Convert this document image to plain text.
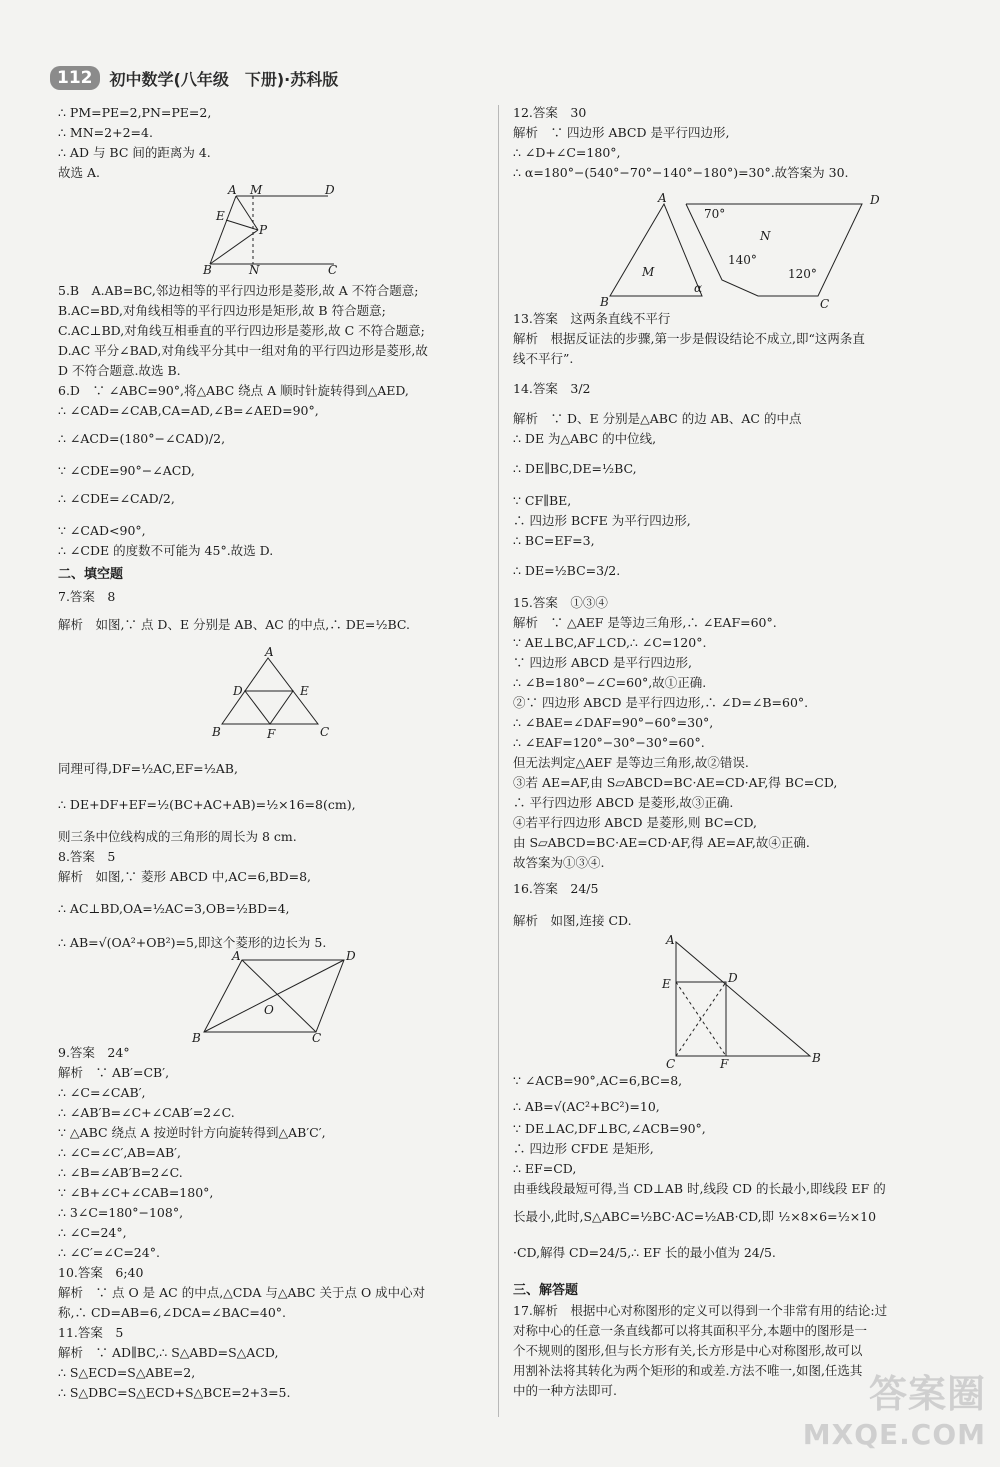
112	初中数学(八年级　下册)·苏科版
∴ PM=PE=2,PN=PE=2,
∴ MN=2+2=4.
∴ AD 与 BC 间的距离为 4.
故选 A.
5.B　A.AB=BC,邻边相等的平行四边形是菱形,故 A 不符合题意;
B.AC=BD,对角线相等的平行四边形是矩形,故 B 符合题意;
C.AC⊥BD,对角线互相垂直的平行四边形是菱形,故 C 不符合题意;
D.AC 平分∠BAD,对角线平分其中一组对角的平行四边形是菱形,故
D 不符合题意.故选 B.
6.D　∵ ∠ABC=90°,将△ABC 绕点 A 顺时针旋转得到△AED,
∴ ∠CAD=∠CAB,CA=AD,∠B=∠AED=90°,
∴ ∠ACD=(180°−∠CAD)/2,
∵ ∠CDE=90°−∠ACD,
∴ ∠CDE=∠CAD/2,
∵ ∠CAD<90°,
∴ ∠CDE 的度数不可能为 45°.故选 D.
二、填空题
7.答案　8
解析　如图,∵ 点 D、E 分别是 AB、AC 的中点,∴ DE=½BC.
同理可得,DF=½AC,EF=½AB,
∴ DE+DF+EF=½(BC+AC+AB)=½×16=8(cm),
则三条中位线构成的三角形的周长为 8 cm.
8.答案　5
解析　如图,∵ 菱形 ABCD 中,AC=6,BD=8,
∴ AC⊥BD,OA=½AC=3,OB=½BD=4,
∴ AB=√(OA²+OB²)=5,即这个菱形的边长为 5.
9.答案　24°
解析　∵ AB′=CB′,
∴ ∠C=∠CAB′,
∴ ∠AB′B=∠C+∠CAB′=2∠C.
∵ △ABC 绕点 A 按逆时针方向旋转得到△AB′C′,
∴ ∠C=∠C′,AB=AB′,
∴ ∠B=∠AB′B=2∠C.
∵ ∠B+∠C+∠CAB=180°,
∴ 3∠C=180°−108°,
∴ ∠C=24°,
∴ ∠C′=∠C=24°.
10.答案　6;40
解析　∵ 点 O 是 AC 的中点,△CDA 与△ABC 关于点 O 成中心对
称,∴ CD=AB=6,∠DCA=∠BAC=40°.
11.答案　5
解析　∵ AD∥BC,∴ S△ABD=S△ACD,
∴ S△ECD=S△ABE=2,
∴ S△DBC=S△ECD+S△BCE=2+3=5.
12.答案　30
解析　∵ 四边形 ABCD 是平行四边形,
∴ ∠D+∠C=180°,
∴ α=180°−(540°−70°−140°−180°)=30°.故答案为 30.
13.答案　这两条直线不平行
解析　根据反证法的步骤,第一步是假设结论不成立,即“这两条直
线不平行”.
14.答案　3/2
解析　∵ D、E 分别是△ABC 的边 AB、AC 的中点
∴ DE 为△ABC 的中位线,
∴ DE∥BC,DE=½BC,
∵ CF∥BE,
∴ 四边形 BCFE 为平行四边形,
∴ BC=EF=3,
∴ DE=½BC=3/2.
15.答案　①③④
解析　∵ △AEF 是等边三角形,∴ ∠EAF=60°.
∵ AE⊥BC,AF⊥CD,∴ ∠C=120°.
∵ 四边形 ABCD 是平行四边形,
∴ ∠B=180°−∠C=60°,故①正确.
②∵ 四边形 ABCD 是平行四边形,∴ ∠D=∠B=60°.
∴ ∠BAE=∠DAF=90°−60°=30°,
∴ ∠EAF=120°−30°−30°=60°.
但无法判定△AEF 是等边三角形,故②错误.
③若 AE=AF,由 S▱ABCD=BC·AE=CD·AF,得 BC=CD,
∴ 平行四边形 ABCD 是菱形,故③正确.
④若平行四边形 ABCD 是菱形,则 BC=CD,
由 S▱ABCD=BC·AE=CD·AF,得 AE=AF,故④正确.
故答案为①③④.
16.答案　24/5
解析　如图,连接 CD.
∵ ∠ACB=90°,AC=6,BC=8,
∴ AB=√(AC²+BC²)=10,
∵ DE⊥AC,DF⊥BC,∠ACB=90°,
∴ 四边形 CFDE 是矩形,
∴ EF=CD,
由垂线段最短可得,当 CD⊥AB 时,线段 CD 的长最小,即线段 EF 的
长最小,此时,S△ABC=½BC·AC=½AB·CD,即 ½×8×6=½×10
·CD,解得 CD=24/5,∴ EF 长的最小值为 24/5.
三、解答题
17.解析　根据中心对称图形的定义可以得到一个非常有用的结论:过
对称中心的任意一条直线都可以将其面积平分,本题中的图形是一
个不规则的图形,但与长方形有关,长方形是中心对称图形,故可以
用割补法将其转化为两个矩形的和或差.方法不唯一,如图,任选其
中的一种方法即可.
A M	D
E
P
B	N	C
A
D	E
B	F	C
A	D
O
B	C
A
70°
N
D
M
140°
120°
α
B	C
A
D
E
C	F	B
答案圈
MXQE.COM
